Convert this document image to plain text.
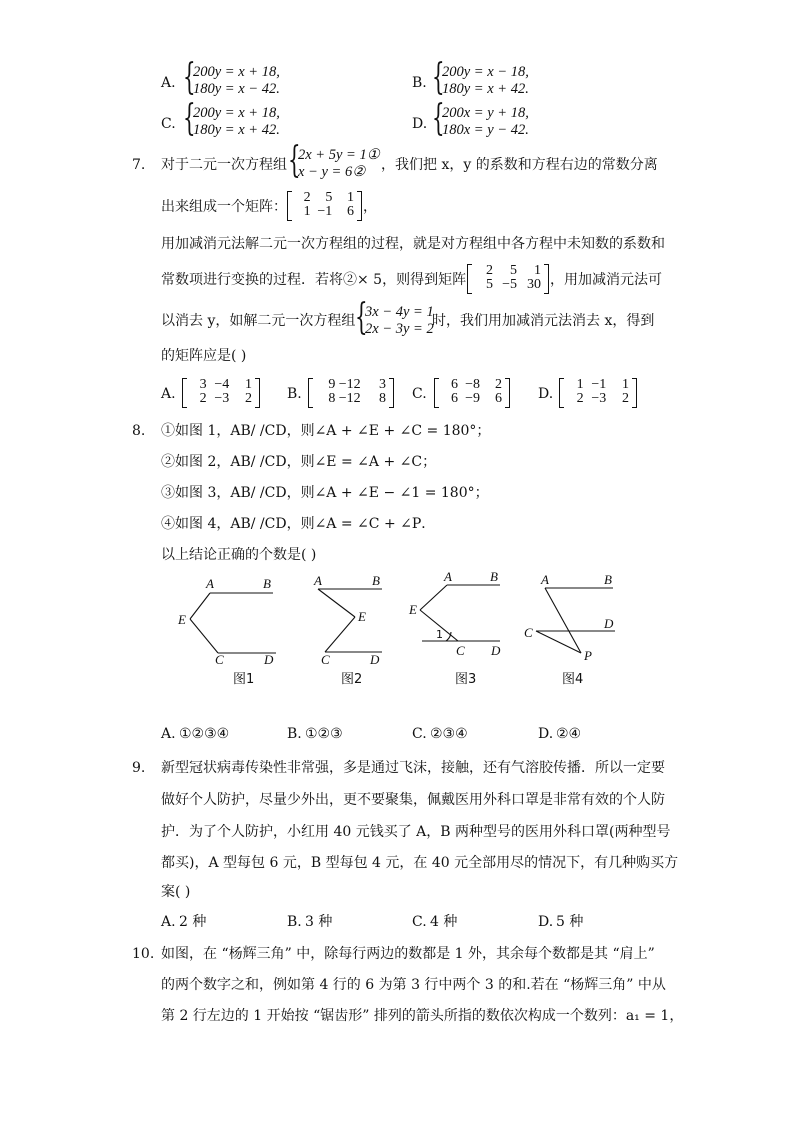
A. {
200y = x + 18,
180y = x − 42.	B. {
200y = x − 18,
180y = x + 42.
C. {
200y = x + 18,
180y = x + 42.	D. {
200x = y + 18,
180x = y − 42.
7. 对于二元一次方程组 {
2x + 5y = 1①
x − y = 6② ，我们把 x，y 的系数和方程右边的常数分离
出来组成一个矩阵：
2	5	1
1 −1	6 ，
用加减消元法解二元一次方程组的过程，就是对方程组中各方程中未知数的系数和
常数项进行变换的过程．若将②× 5，则得到矩阵
2	5	1
5 −5 30 ，用加减消元法可
以消去 y，如解二元一次方程组 {
3x − 4y = 1
2x − 3y = 2
时，我们用加减消元法消去 x，得到
的矩阵应是( )
A.
3 −4	1
2 −3	2	B.
9 −12	3
8 −12	8 C.
6 −8	2
6 −9	6	D.
1 −1	1
2 −3	2
8. ①如图 1，AB/ /CD，则∠A + ∠E + ∠C = 180°；
②如图 2，AB/ /CD，则∠E = ∠A + ∠C；
③如图 3，AB/ /CD，则∠A + ∠E − ∠1 = 180°；
④如图 4，AB/ /CD，则∠A = ∠C + ∠P．
以上结论正确的个数是( )
A	B
E
C	D
图1
A	B
E
C	D
图2
A	B
E
1
C D
图3
A	B
C
D
P
图4
A. ①②③④	B. ①②③	C. ②③④	D. ②④
9. 新型冠状病毒传染性非常强，多是通过飞沫，接触，还有气溶胶传播．所以一定要
做好个人防护，尽量少外出，更不要聚集，佩戴医用外科口罩是非常有效的个人防
护．为了个人防护，小红用 40 元钱买了 A，B 两种型号的医用外科口罩(两种型号
都买)，A 型每包 6 元，B 型每包 4 元，在 40 元全部用尽的情况下，有几种购买方
案( )
A. 2 种	B. 3 种	C. 4 种	D. 5 种
10. 如图，在 “杨辉三角” 中，除每行两边的数都是 1 外，其余每个数都是其 “肩上”
的两个数字之和，例如第 4 行的 6 为第 3 行中两个 3 的和.若在 “杨辉三角” 中从
第 2 行左边的 1 开始按 “锯齿形” 排列的箭头所指的数依次构成一个数列：a₁ = 1，
